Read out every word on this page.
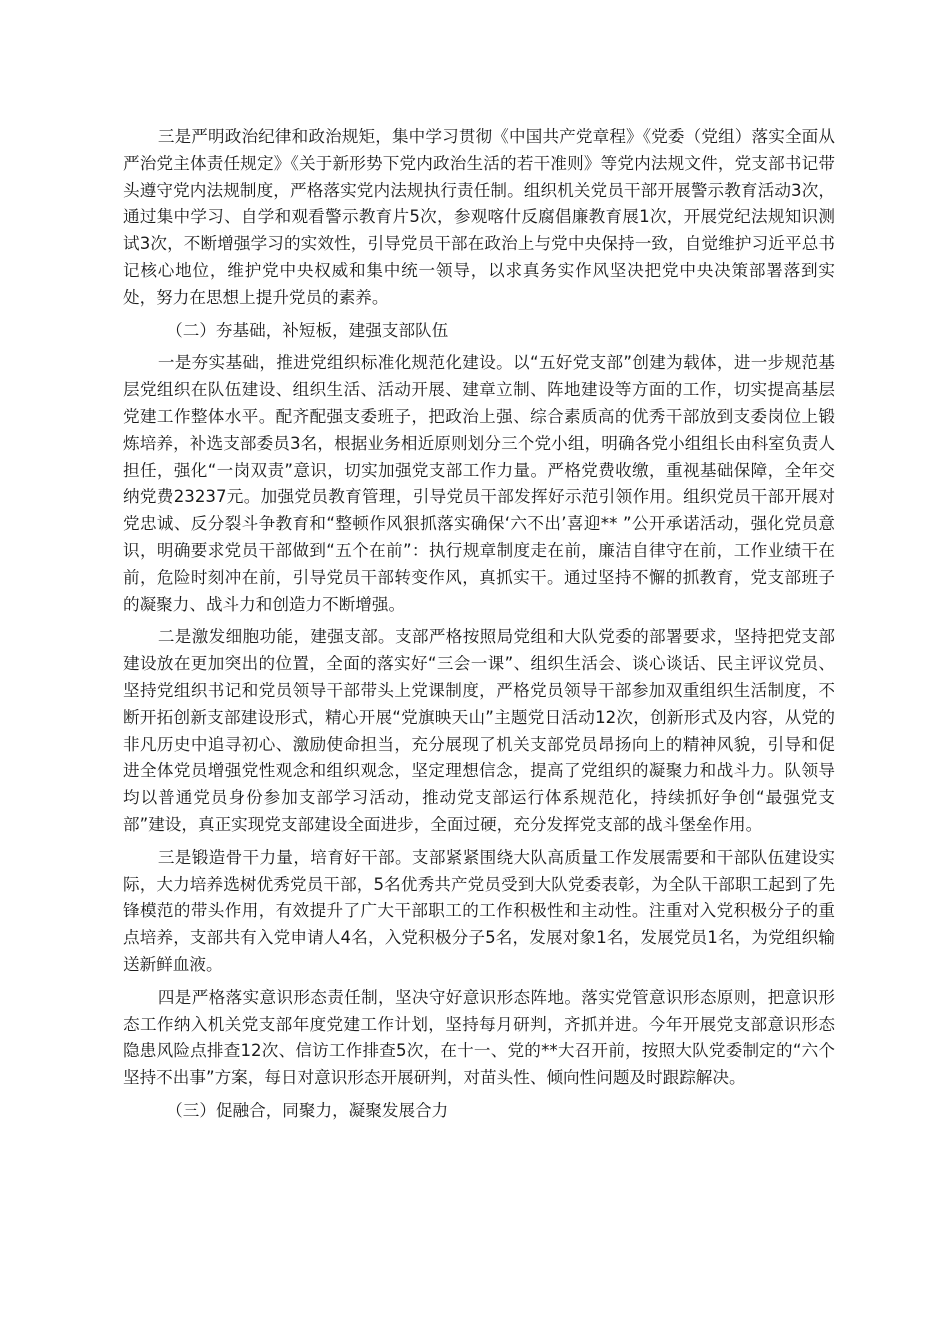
三是严明政治纪律和政治规矩，集中学习贯彻《中国共产党章程》《党委（党组）落实全面从严治党主体责任规定》《关于新形势下党内政治生活的若干准则》等党内法规文件，党支部书记带头遵守党内法规制度，严格落实党内法规执行责任制。组织机关党员干部开展警示教育活动3次，通过集中学习、自学和观看警示教育片5次，参观喀什反腐倡廉教育展1次，开展党纪法规知识测试3次，不断增强学习的实效性，引导党员干部在政治上与党中央保持一致，自觉维护习近平总书记核心地位，维护党中央权威和集中统一领导，以求真务实作风坚决把党中央决策部署落到实处，努力在思想上提升党员的素养。

（二）夯基础，补短板，建强支部队伍

一是夯实基础，推进党组织标准化规范化建设。以“五好党支部”创建为载体，进一步规范基层党组织在队伍建设、组织生活、活动开展、建章立制、阵地建设等方面的工作，切实提高基层党建工作整体水平。配齐配强支委班子，把政治上强、综合素质高的优秀干部放到支委岗位上锻炼培养，补选支部委员3名，根据业务相近原则划分三个党小组，明确各党小组组长由科室负责人担任，强化“一岗双责”意识，切实加强党支部工作力量。严格党费收缴，重视基础保障，全年交纳党费23237元。加强党员教育管理，引导党员干部发挥好示范引领作用。组织党员干部开展对党忠诚、反分裂斗争教育和“整顿作风狠抓落实确保‘六不出’喜迎** ”公开承诺活动，强化党员意识，明确要求党员干部做到“五个在前”：执行规章制度走在前，廉洁自律守在前，工作业绩干在前，危险时刻冲在前，引导党员干部转变作风，真抓实干。通过坚持不懈的抓教育，党支部班子的凝聚力、战斗力和创造力不断增强。

二是激发细胞功能，建强支部。支部严格按照局党组和大队党委的部署要求，坚持把党支部建设放在更加突出的位置，全面的落实好“三会一课”、组织生活会、谈心谈话、民主评议党员、坚持党组织书记和党员领导干部带头上党课制度，严格党员领导干部参加双重组织生活制度，不断开拓创新支部建设形式，精心开展“党旗映天山”主题党日活动12次，创新形式及内容，从党的非凡历史中追寻初心、激励使命担当，充分展现了机关支部党员昂扬向上的精神风貌，引导和促进全体党员增强党性观念和组织观念，坚定理想信念，提高了党组织的凝聚力和战斗力。队领导均以普通党员身份参加支部学习活动，推动党支部运行体系规范化，持续抓好争创“最强党支部”建设，真正实现党支部建设全面进步，全面过硬，充分发挥党支部的战斗堡垒作用。

三是锻造骨干力量，培育好干部。支部紧紧围绕大队高质量工作发展需要和干部队伍建设实际，大力培养选树优秀党员干部，5名优秀共产党员受到大队党委表彰，为全队干部职工起到了先锋模范的带头作用，有效提升了广大干部职工的工作积极性和主动性。注重对入党积极分子的重点培养，支部共有入党申请人4名，入党积极分子5名，发展对象1名，发展党员1名，为党组织输送新鲜血液。

四是严格落实意识形态责任制，坚决守好意识形态阵地。落实党管意识形态原则，把意识形态工作纳入机关党支部年度党建工作计划，坚持每月研判，齐抓并进。今年开展党支部意识形态隐患风险点排查12次、信访工作排查5次，在十一、党的**大召开前，按照大队党委制定的“六个坚持不出事”方案，每日对意识形态开展研判，对苗头性、倾向性问题及时跟踪解决。

（三）促融合，同聚力，凝聚发展合力
